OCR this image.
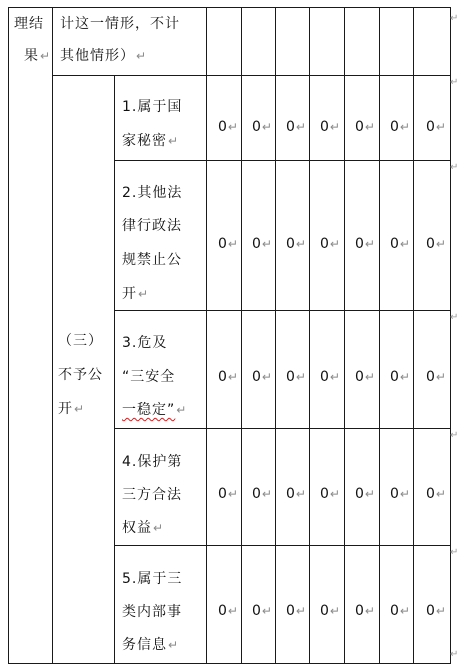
理结
果↵
计这一情形，不计
其他情形）↵
（三）
不予公
开↵
1.属于国
家秘密↵
2.其他法
律行政法
规禁止公
开↵
3.危及
“三安全
一稳定”↵
4.保护第
三方合法
权益↵
5.属于三
类内部事
务信息↵
0↵ 0↵ 0↵ 0↵ 0↵ 0↵ 0↵
0↵ 0↵ 0↵ 0↵ 0↵ 0↵ 0↵
0↵ 0↵ 0↵ 0↵ 0↵ 0↵ 0↵
0↵ 0↵ 0↵ 0↵ 0↵ 0↵ 0↵
0↵ 0↵ 0↵ 0↵ 0↵ 0↵ 0↵
↵
↵
↵
↵
↵
↵
↵
